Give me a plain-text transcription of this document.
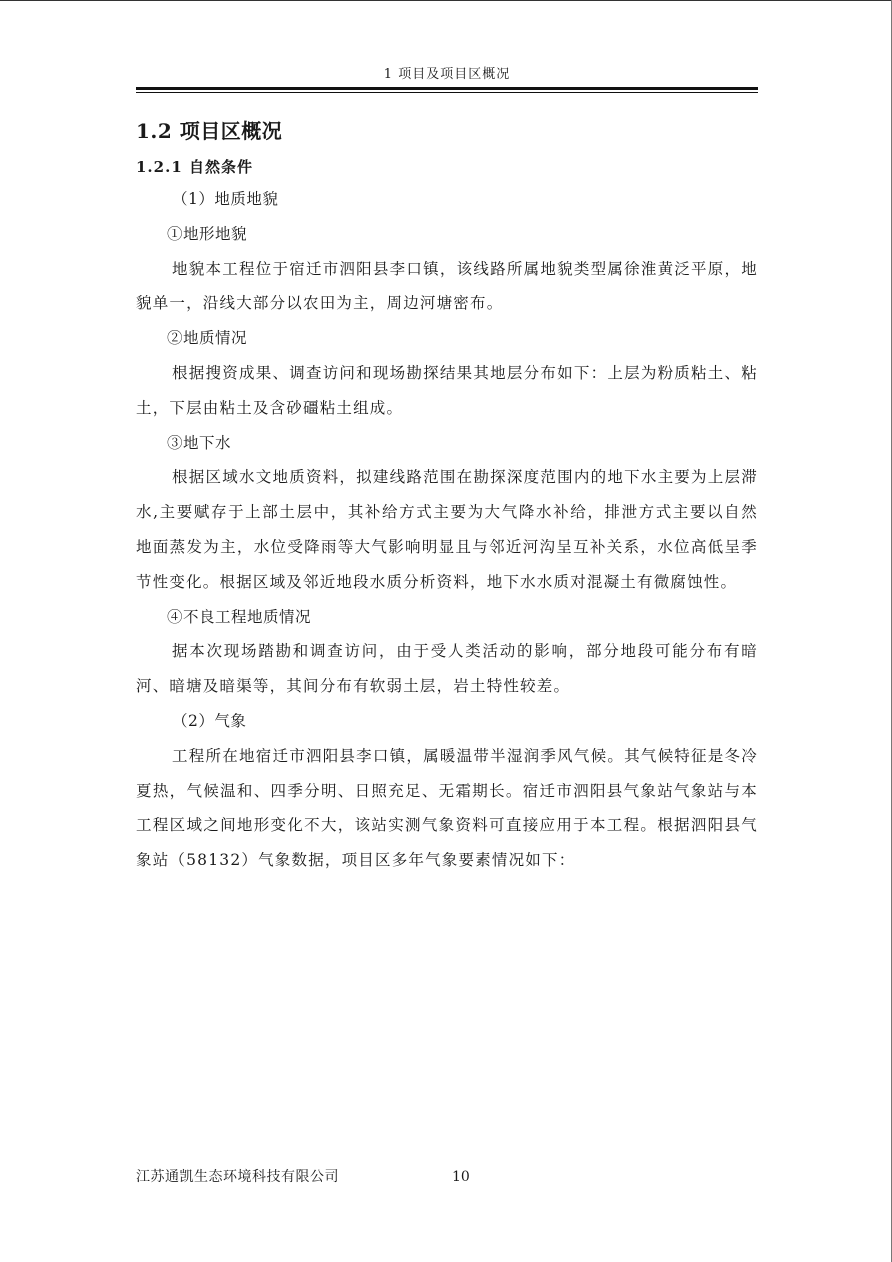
1 项目及项目区概况
1.2 项目区概况
1.2.1 自然条件

（1）地质地貌

①地形地貌

地貌本工程位于宿迁市泗阳县李口镇，该线路所属地貌类型属徐淮黄泛平原，地貌单一，沿线大部分以农田为主，周边河塘密布。

②地质情况

根据搜资成果、调查访问和现场勘探结果其地层分布如下：上层为粉质粘土、粘土，下层由粘土及含砂礓粘土组成。

③地下水

根据区域水文地质资料，拟建线路范围在勘探深度范围内的地下水主要为上层滞水,主要赋存于上部土层中，其补给方式主要为大气降水补给，排泄方式主要以自然地面蒸发为主，水位受降雨等大气影响明显且与邻近河沟呈互补关系，水位高低呈季节性变化。根据区域及邻近地段水质分析资料，地下水水质对混凝土有微腐蚀性。

④不良工程地质情况

据本次现场踏勘和调查访问，由于受人类活动的影响，部分地段可能分布有暗河、暗塘及暗渠等，其间分布有软弱土层，岩土特性较差。

（2）气象

工程所在地宿迁市泗阳县李口镇，属暖温带半湿润季风气候。其气候特征是冬冷夏热，气候温和、四季分明、日照充足、无霜期长。宿迁市泗阳县气象站气象站与本工程区域之间地形变化不大，该站实测气象资料可直接应用于本工程。根据泗阳县气象站（58132）气象数据，项目区多年气象要素情况如下：

江苏通凯生态环境科技有限公司	10
